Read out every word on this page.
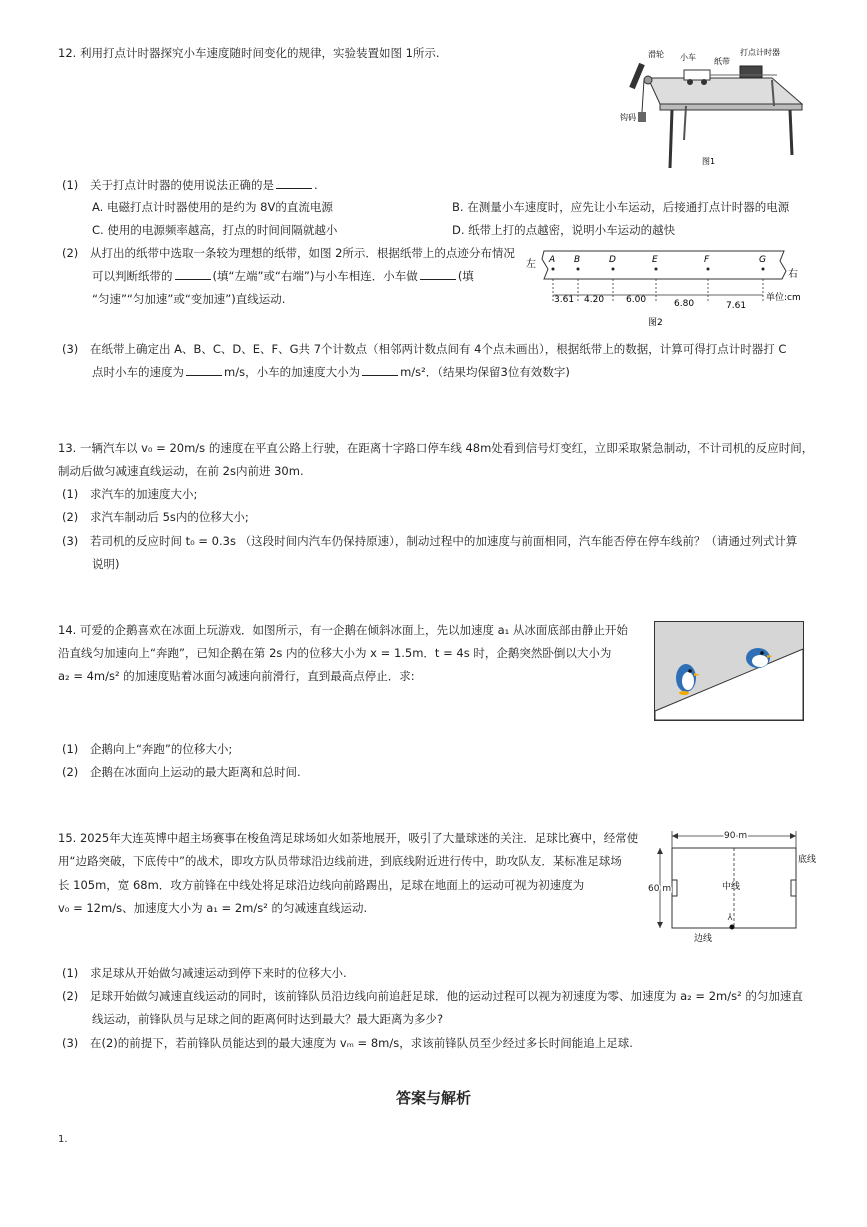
12. 利用打点计时器探究小车速度随时间变化的规律，实验装置如图 1所示.	滑轮 小车 纸带
打点计时器
钩码
图1
(1) 关于打点计时器的使用说法正确的是	.
A. 电磁打点计时器使用的是约为 8V的直流电源	B. 在测量小车速度时，应先让小车运动，后接通打点计时器的电源
C. 使用的电源频率越高，打点的时间间隔就越小	D. 纸带上打的点越密，说明小车运动的越快
(2) 从打出的纸带中选取一条较为理想的纸带，如图 2所示．根据纸带上的点迹分布情况
可以判断纸带的	(填“左端”或“右端”)与小车相连．小车做	(填
“匀速”“匀加速”或“变加速”)直线运动.
左
右
A B	D	E	F	G
3.61 4.20 6.00	6.80	7.61
单位:cm
图2
(3) 在纸带上确定出 A、B、C、D、E、F、G共 7个计数点（相邻两计数点间有 4个点未画出），根据纸带上的数据，计算可得打点计时器打 C
点时小车的速度为	m/s，小车的加速度大小为	m/s²．（结果均保留3位有效数字)
13. 一辆汽车以 v₀ = 20m/s 的速度在平直公路上行驶，在距离十字路口停车线 48m处看到信号灯变红，立即采取紧急制动，不计司机的反应时间，
制动后做匀减速直线运动，在前 2s内前进 30m.
(1) 求汽车的加速度大小;
(2) 求汽车制动后 5s内的位移大小;
(3) 若司机的反应时间 t₀ = 0.3s （这段时间内汽车仍保持原速），制动过程中的加速度与前面相同，汽车能否停在停车线前？（请通过列式计算
说明)
14. 可爱的企鹅喜欢在冰面上玩游戏．如图所示，有一企鹅在倾斜冰面上，先以加速度 a₁ 从冰面底部由静止开始
沿直线匀加速向上“奔跑”，已知企鹅在第 2s 内的位移大小为 x = 1.5m．t = 4s 时，企鹅突然卧倒以大小为
a₂ = 4m/s² 的加速度贴着冰面匀减速向前滑行，直到最高点停止．求:
(1) 企鹅向上“奔跑”的位移大小;
(2) 企鹅在冰面向上运动的最大距离和总时间.
15. 2025年大连英博中超主场赛事在梭鱼湾足球场如火如荼地展开，吸引了大量球迷的关注．足球比赛中，经常使
用“边路突破，下底传中”的战术，即攻方队员带球沿边线前进，到底线附近进行传中，助攻队友．某标准足球场
长 105m，宽 68m．攻方前锋在中线处将足球沿边线向前路踢出，足球在地面上的运动可视为初速度为
v₀ = 12m/s、加速度大小为 a₁ = 2m/s² 的匀减速直线运动.
90 m
60 m
底线
中线
边线
(1) 求足球从开始做匀减速运动到停下来时的位移大小.
(2) 足球开始做匀减速直线运动的同时，该前锋队员沿边线向前追赶足球．他的运动过程可以视为初速度为零、加速度为 a₂ = 2m/s² 的匀加速直
线运动，前锋队员与足球之间的距离何时达到最大？最大距离为多少?
(3) 在(2)的前提下，若前锋队员能达到的最大速度为 vₘ = 8m/s，求该前锋队员至少经过多长时间能追上足球.
答案与解析
1.
